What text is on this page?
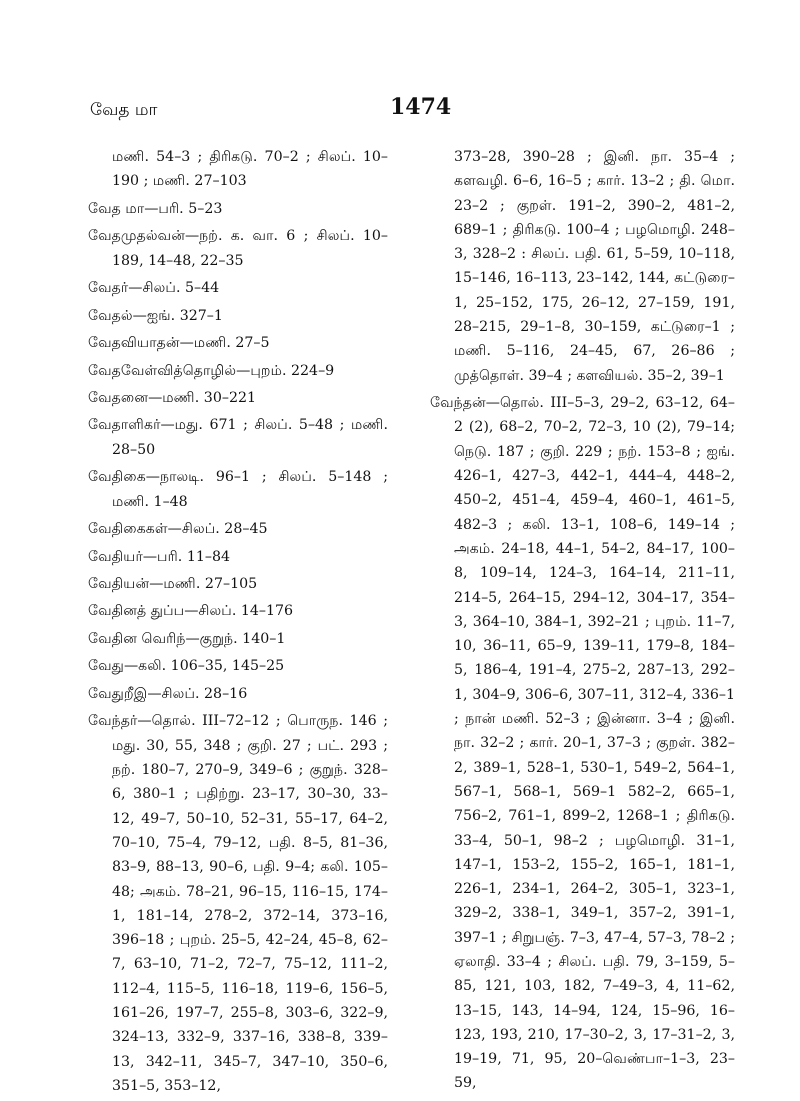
வேத மா	1474

மணி. 54–3 ; திரிகடு. 70–2 ; சிலப். 10–190 ; மணி. 27–103

வேத மா—பரி. 5–23

வேதமுதல்வன்—நற். க. வா. 6 ; சிலப். 10–189, 14–48, 22–35

வேதர்—சிலப். 5–44

வேதல்—ஐங். 327–1

வேதவியாதன்—மணி. 27–5

வேதவேள்வித்தொழில்—புறம். 224–9

வேதனை—மணி. 30–221

வேதாளிகர்—மது. 671 ; சிலப். 5–48 ; மணி. 28–50

வேதிகை—நாலடி. 96–1 ; சிலப். 5–148 ; மணி. 1–48

வேதிகைகள்—சிலப். 28–45

வேதியர்—பரி. 11–84

வேதியன்—மணி. 27–105

வேதினத் துப்ப—சிலப். 14–176

வேதின வெரிந்—குறுந். 140–1

வேது—கலி. 106–35, 145–25

வேதுறீஇ—சிலப். 28–16

வேந்தர்—தொல். III–72–12 ; பொருந. 146 ; மது. 30, 55, 348 ; குறி. 27 ; பட். 293 ; நற். 180–7, 270–9, 349–6 ; குறுந். 328–6, 380–1 ; பதிற்று. 23–17, 30–30, 33–12, 49–7, 50–10, 52–31, 55–17, 64–2, 70–10, 75–4, 79–12, பதி. 8–5, 81–36, 83–9, 88–13, 90–6, பதி. 9–4; கலி. 105–48; அகம். 78–21, 96–15, 116–15, 174–1, 181–14, 278–2, 372–14, 373–16, 396–18 ; புறம். 25–5, 42–24, 45–8, 62–7, 63–10, 71–2, 72–7, 75–12, 111–2, 112–4, 115–5, 116–18, 119–6, 156–5, 161–26, 197–7, 255–8, 303–6, 322–9, 324–13, 332–9, 337–16, 338–8, 339–13, 342–11, 345–7, 347–10, 350–6, 351–5, 353–12,

373–28, 390–28 ; இனி. நா. 35–4 ; களவழி. 6–6, 16–5 ; கார். 13–2 ; தி. மொ. 23–2 ; குறள். 191–2, 390–2, 481–2, 689–1 ; திரிகடு. 100–4 ; பழமொழி. 248–3, 328–2 : சிலப். பதி. 61, 5–59, 10–118, 15–146, 16–113, 23–142, 144, கட்டுரை–1, 25–152, 175, 26–12, 27–159, 191, 28–215, 29–1–8, 30–159, கட்டுரை–1 ; மணி. 5–116, 24–45, 67, 26–86 ; முத்தொள். 39–4 ; களவியல். 35–2, 39–1

வேந்தன்—தொல். III–5–3, 29–2, 63–12, 64–2 (2), 68–2, 70–2, 72–3, 10 (2), 79–14; நெடு. 187 ; குறி. 229 ; நற். 153–8 ; ஐங். 426–1, 427–3, 442–1, 444–4, 448–2, 450–2, 451–4, 459–4, 460–1, 461–5, 482–3 ; கலி. 13–1, 108–6, 149–14 ; அகம். 24–18, 44–1, 54–2, 84–17, 100–8, 109–14, 124–3, 164–14, 211–11, 214–5, 264–15, 294–12, 304–17, 354–3, 364–10, 384–1, 392–21 ; புறம். 11–7, 10, 36–11, 65–9, 139–11, 179–8, 184–5, 186–4, 191–4, 275–2, 287–13, 292–1, 304–9, 306–6, 307–11, 312–4, 336–1 ; நான் மணி. 52–3 ; இன்னா. 3–4 ; இனி. நா. 32–2 ; கார். 20–1, 37–3 ; குறள். 382–2, 389–1, 528–1, 530–1, 549–2, 564–1, 567–1, 568–1, 569–1 582–2, 665–1, 756–2, 761–1, 899–2, 1268–1 ; திரிகடு. 33–4, 50–1, 98–2 ; பழமொழி. 31–1, 147–1, 153–2, 155–2, 165–1, 181–1, 226–1, 234–1, 264–2, 305–1, 323–1, 329–2, 338–1, 349–1, 357–2, 391–1, 397–1 ; சிறுபஞ். 7–3, 47–4, 57–3, 78–2 ; ஏலாதி. 33–4 ; சிலப். பதி. 79, 3–159, 5–85, 121, 103, 182, 7–49–3, 4, 11–62, 13–15, 143, 14–94, 124, 15–96, 16–123, 193, 210, 17–30–2, 3, 17–31–2, 3, 19–19, 71, 95, 20–வெண்பா–1–3, 23–59,
